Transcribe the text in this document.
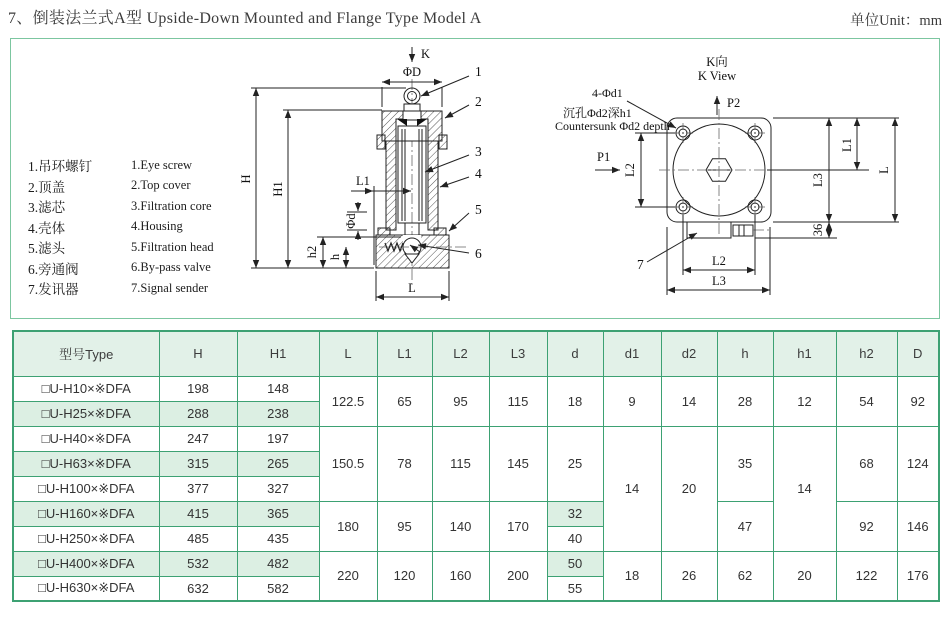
7、倒装法兰式A型 Upside-Down Mounted and Flange Type Model A	单位Unit：mm
1.吊环螺钉	1.Eye screw
2.顶盖	2.Top cover
3.滤芯	3.Filtration core
4.壳体	4.Housing
5.滤头	5.Filtration head
6.旁通阀	6.By-pass valve
7.发讯器	7.Signal sender
K
ΦD
H
H1
L1
Φd
h2 h
L
1
2
3
4
5
6
K向
K View
P2
4-Φd1
沉孔Φd2深h1
Countersunk Φd2 depth
P1
L2
L1
L3
36
L
L2
L3
7
型号Type	H	H1	L	L1	L2	L3	d	d1	d2	h	h1	h2	D
□U-H10×※DFA	198	148	122.5	65	95	115	18	9	14	28	12	54	92
□U-H25×※DFA	288	238											
□U-H40×※DFA	247	197	150.5	78	115	145	25	14	20	35	14	68	124
□U-H63×※DFA	315	265											
□U-H100×※DFA	377	327											
□U-H160×※DFA	415	365	180	95	140	170	32			47		92	146
□U-H250×※DFA	485	435					40						
□U-H400×※DFA	532	482	220	120	160	200	50	18	26	62	20	122	176
□U-H630×※DFA	632	582					55						
